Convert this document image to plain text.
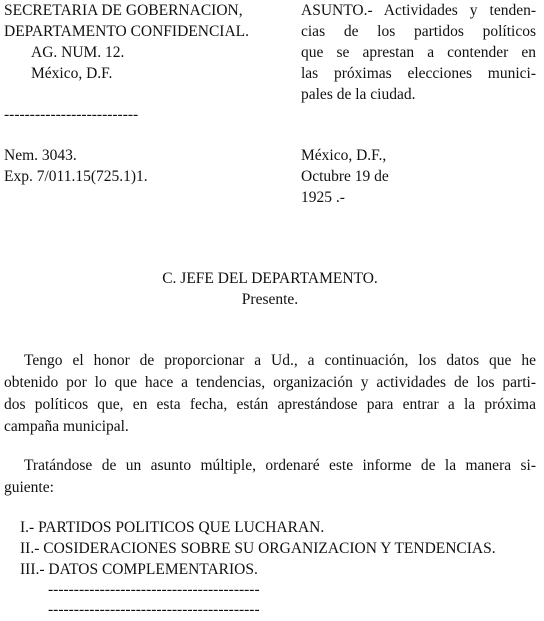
SECRETARIA DE GOBERNACION,
DEPARTAMENTO CONFIDENCIAL.
AG. NUM. 12.
México, D.F.
--------------------------
ASUNTO.- Actividades y tenden-
cias de los partidos políticos
que se aprestan a contender en
las próximas elecciones munici-
pales de la ciudad.
Nem. 3043.
Exp. 7/011.15(725.1)1.
México, D.F.,
Octubre 19 de
1925 .-
C. JEFE DEL DEPARTAMENTO.
Presente.
Tengo el honor de proporcionar a Ud., a continuación, los datos que he
obtenido por lo que hace a tendencias, organización y actividades de los parti-
dos políticos que, en esta fecha, están aprestándose para entrar a la próxima
campaña municipal.
Tratándose de un asunto múltiple, ordenaré este informe de la manera si-
guiente:
I.- PARTIDOS POLITICOS QUE LUCHARAN.
II.- COSIDERACIONES SOBRE SU ORGANIZACION Y TENDENCIAS.
III.- DATOS COMPLEMENTARIOS.
-----------------------------------------
-----------------------------------------
